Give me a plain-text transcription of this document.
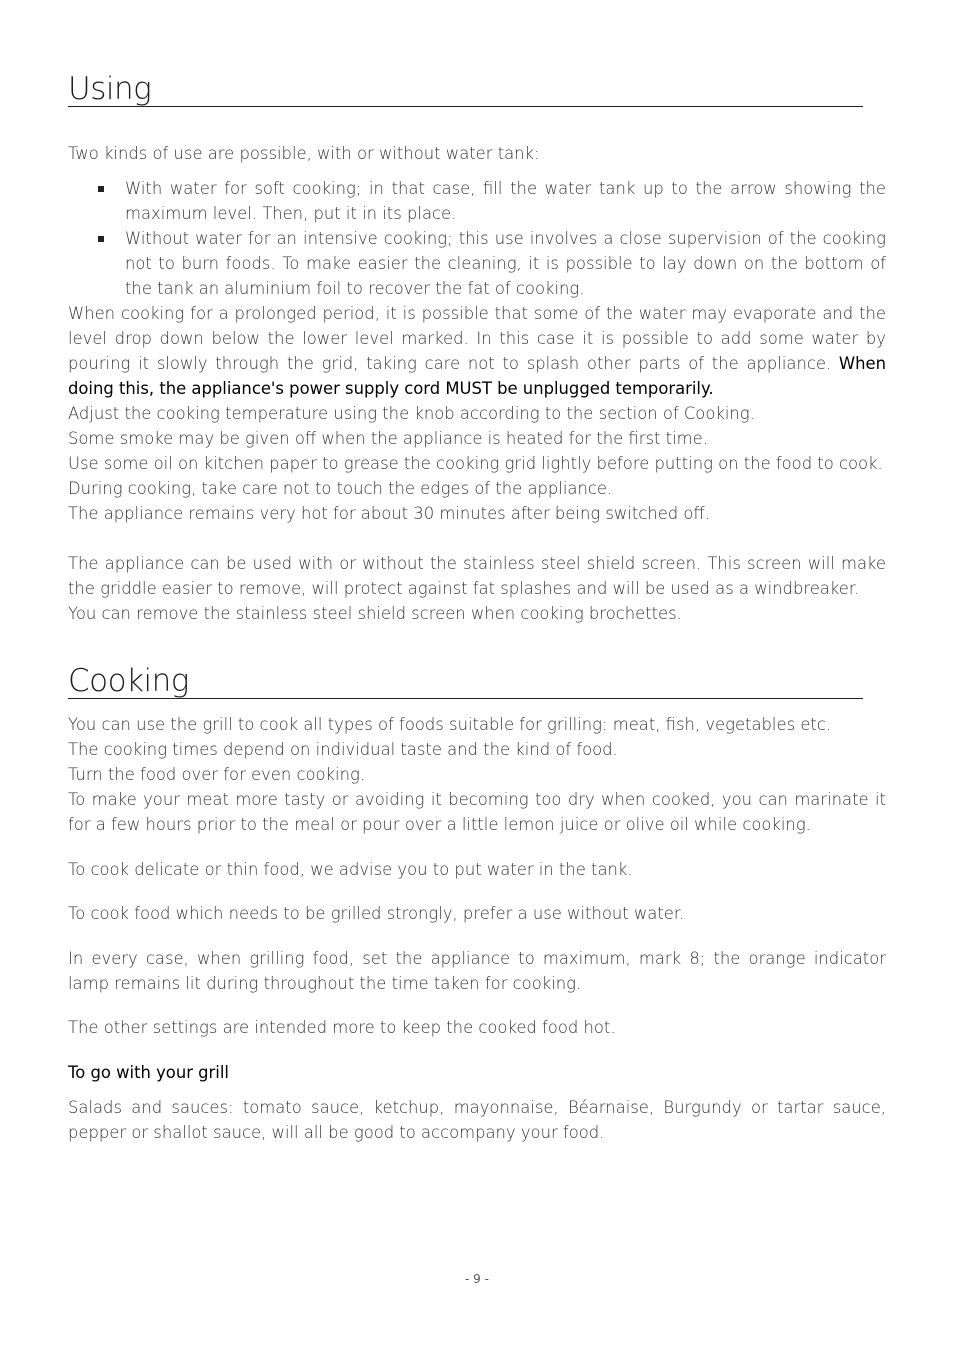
Using

Two kinds of use are possible, with or without water tank:

With water for soft cooking; in that case, fill the water tank up to the arrow showing the maximum level. Then, put it in its place.
Without water for an intensive cooking; this use involves a close supervision of the cooking not to burn foods. To make easier the cleaning, it is possible to lay down on the bottom of the tank an aluminium foil to recover the fat of cooking.

When cooking for a prolonged period, it is possible that some of the water may evaporate and the level drop down below the lower level marked. In this case it is possible to add some water by pouring it slowly through the grid, taking care not to splash other parts of the appliance. When doing this, the appliance's power supply cord MUST be unplugged temporarily.

Adjust the cooking temperature using the knob according to the section of Cooking.

Some smoke may be given off when the appliance is heated for the first time.

Use some oil on kitchen paper to grease the cooking grid lightly before putting on the food to cook.

During cooking, take care not to touch the edges of the appliance.

The appliance remains very hot for about 30 minutes after being switched off.

The appliance can be used with or without the stainless steel shield screen. This screen will make the griddle easier to remove, will protect against fat splashes and will be used as a windbreaker.

You can remove the stainless steel shield screen when cooking brochettes.

Cooking

You can use the grill to cook all types of foods suitable for grilling: meat, fish, vegetables etc.

The cooking times depend on individual taste and the kind of food.

Turn the food over for even cooking.

To make your meat more tasty or avoiding it becoming too dry when cooked, you can marinate it for a few hours prior to the meal or pour over a little lemon juice or olive oil while cooking.

To cook delicate or thin food, we advise you to put water in the tank.

To cook food which needs to be grilled strongly, prefer a use without water.

In every case, when grilling food, set the appliance to maximum, mark 8; the orange indicator lamp remains lit during throughout the time taken for cooking.

The other settings are intended more to keep the cooked food hot.

To go with your grill

Salads and sauces: tomato sauce, ketchup, mayonnaise, Béarnaise, Burgundy or tartar sauce, pepper or shallot sauce, will all be good to accompany your food.

- 9 -
